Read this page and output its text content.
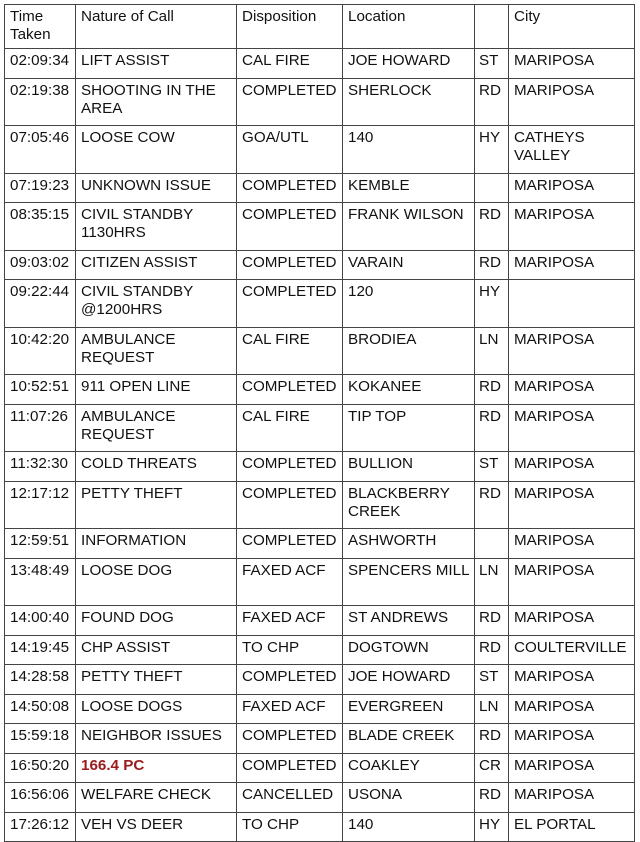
Time Taken	Nature of Call	Disposition	Location		City
02:09:34	LIFT ASSIST	CAL FIRE	JOE HOWARD	ST	MARIPOSA
02:19:38	SHOOTING IN THE AREA	COMPLETED	SHERLOCK	RD	MARIPOSA
07:05:46	LOOSE COW	GOA/UTL	140	HY	CATHEYS VALLEY
07:19:23	UNKNOWN ISSUE	COMPLETED	KEMBLE		MARIPOSA
08:35:15	CIVIL STANDBY 1130HRS	COMPLETED	FRANK WILSON	RD	MARIPOSA
09:03:02	CITIZEN ASSIST	COMPLETED	VARAIN	RD	MARIPOSA
09:22:44	CIVIL STANDBY @1200HRS	COMPLETED	120	HY	
10:42:20	AMBULANCE REQUEST	CAL FIRE	BRODIEA	LN	MARIPOSA
10:52:51	911 OPEN LINE	COMPLETED	KOKANEE	RD	MARIPOSA
11:07:26	AMBULANCE REQUEST	CAL FIRE	TIP TOP	RD	MARIPOSA
11:32:30	COLD THREATS	COMPLETED	BULLION	ST	MARIPOSA
12:17:12	PETTY THEFT	COMPLETED	BLACKBERRY CREEK	RD	MARIPOSA
12:59:51	INFORMATION	COMPLETED	ASHWORTH		MARIPOSA
13:48:49	LOOSE DOG	FAXED ACF	SPENCERS MILL	LN	MARIPOSA
14:00:40	FOUND DOG	FAXED ACF	ST ANDREWS	RD	MARIPOSA
14:19:45	CHP ASSIST	TO CHP	DOGTOWN	RD	COULTERVILLE
14:28:58	PETTY THEFT	COMPLETED	JOE HOWARD	ST	MARIPOSA
14:50:08	LOOSE DOGS	FAXED ACF	EVERGREEN	LN	MARIPOSA
15:59:18	NEIGHBOR ISSUES	COMPLETED	BLADE CREEK	RD	MARIPOSA
16:50:20	166.4 PC	COMPLETED	COAKLEY	CR	MARIPOSA
16:56:06	WELFARE CHECK	CANCELLED	USONA	RD	MARIPOSA
17:26:12	VEH VS DEER	TO CHP	140	HY	EL PORTAL
